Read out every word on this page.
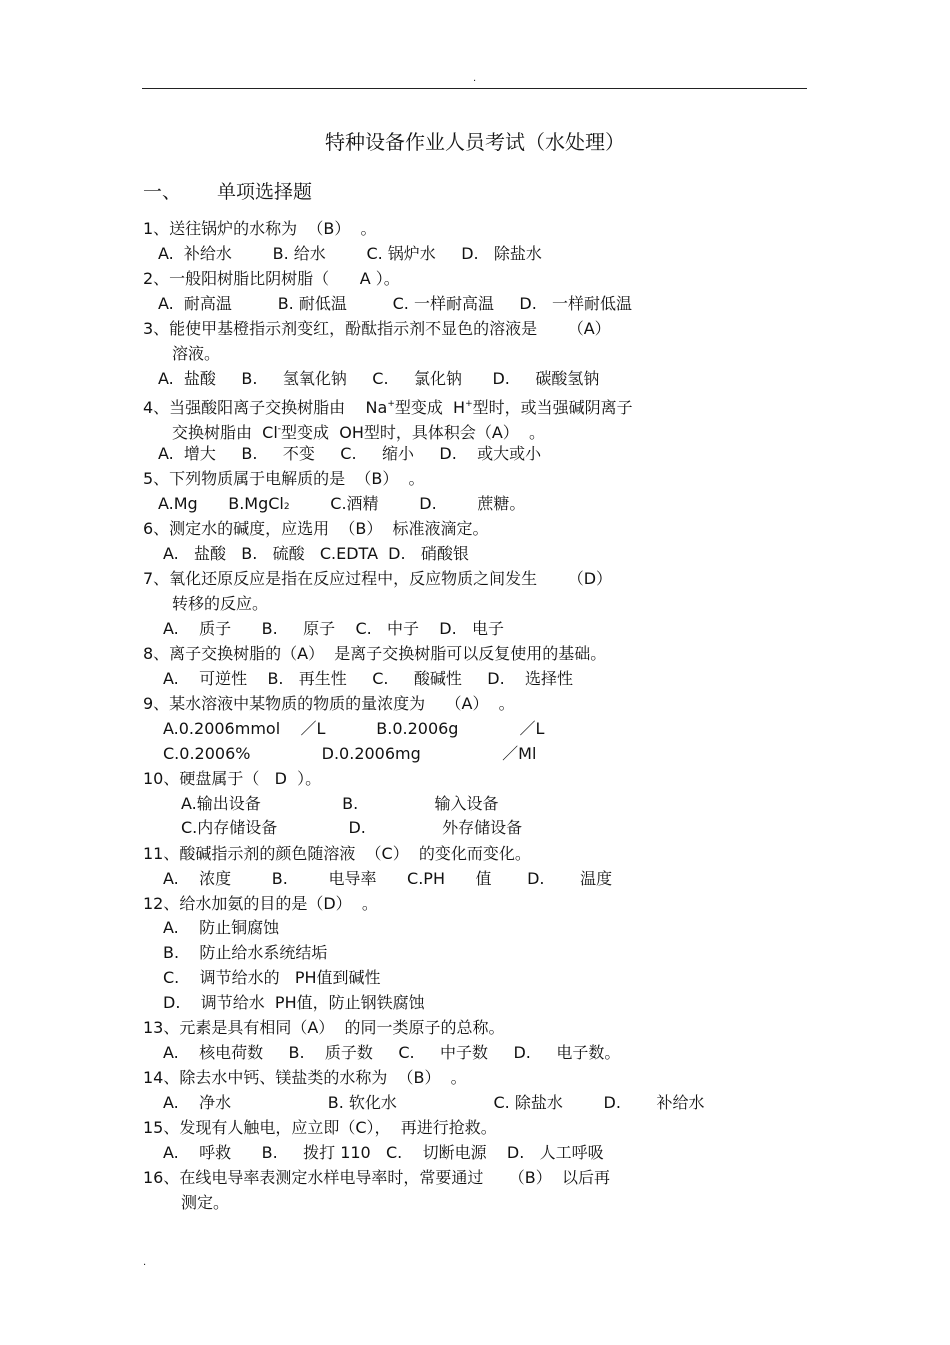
.
特种设备作业人员考试（水处理）
一、 单项选择题
1、送往锅炉的水称为  （B）  。
A.  补给水        B. 给水        C. 锅炉水     D.   除盐水
2、一般阳树脂比阴树脂（      A ）。
A.  耐高温         B. 耐低温         C. 一样耐高温     D.   一样耐低温
3、能使甲基橙指示剂变红，酚酞指示剂不显色的溶液是      （A）
溶液。
A.  盐酸     B.     氢氧化钠     C.     氯化钠      D.     碳酸氢钠
4、当强酸阳离子交换树脂由    Na+型变成  H+型时，或当强碱阴离子
交换树脂由  Cl-型变成  OH型时，具体积会（A）  。
A.  增大     B.     不变     C.     缩小     D.    或大或小
5、下列物质属于电解质的是  （B）  。
A.Mg      B.MgCl2        C.酒精        D.        蔗糖。
6、测定水的碱度，应选用  （B）  标准液滴定。
A.   盐酸   B.   硫酸   C.EDTA  D.   硝酸银
7、氧化还原反应是指在反应过程中，反应物质之间发生      （D）
转移的反应。
A.    质子      B.     原子    C.   中子    D.   电子
8、离子交换树脂的（A）  是离子交换树脂可以反复使用的基础。
A.    可逆性    B.   再生性     C.     酸碱性     D.    选择性
9、某水溶液中某物质的物质的量浓度为    （A）  。
A.0.2006mmol    ／L          B.0.2006g            ／L
C.0.2006%              D.0.2006mg                ／Ml
10、硬盘属于（   D  ）。
A.输出设备                B.               输入设备
C.内存储设备              D.               外存储设备
11、酸碱指示剂的颜色随溶液  （C）  的变化而变化。
A.    浓度        B.        电导率      C.PH      值       D.       温度
12、给水加氨的目的是（D）  。
A.    防止铜腐蚀
B.    防止给水系统结垢
C.    调节给水的   PH值到碱性
D.    调节给水  PH值，防止钢铁腐蚀
13、元素是具有相同（A）  的同一类原子的总称。
A.    核电荷数     B.    质子数     C.     中子数     D.     电子数。
14、除去水中钙、镁盐类的水称为  （B）  。
A.    净水                   B. 软化水                   C. 除盐水        D.       补给水
15、发现有人触电，应立即（C），  再进行抢救。
A.    呼救      B.     拨打 110   C.    切断电源    D.   人工呼吸
16、在线电导率表测定水样电导率时，常要通过     （B）  以后再
测定。
.
